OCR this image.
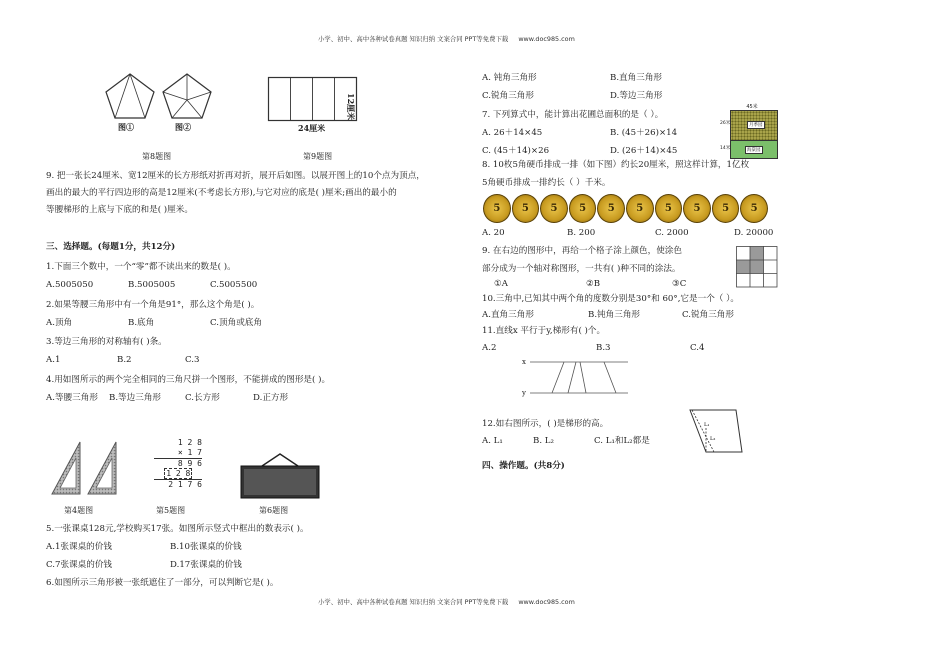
小学、初中、高中各种试卷真题 知识归纳 文案合同 PPT等免费下载 www.doc985.com
图①	图②	24厘米
12厘米
第8题图	第9题图
9. 把一张长24厘米、宽12厘米的长方形纸对折再对折，展开后如图。以展开图上的10个点为顶点，
画出的最大的平行四边形的高是12厘米(不考虑长方形),与它对应的底是( )厘米;画出的最小的
等腰梯形的上底与下底的和是( )厘米。
三、选择题。(每题1分，共12分)
1.下面三个数中，一个“零”都不读出来的数是( )。
A.5005050	B.5005005	C.5005500
2.如果等腰三角形中有一个角是91°，那么这个角是( )。
A.顶角	B.底角	C.顶角或底角
3.等边三角形的对称轴有( )条。
A.1	B.2	C.3
4.用如图所示的两个完全相同的三角尺拼一个图形，不能拼成的图形是( )。
A.等腰三角形 B.等边三角形	C.长方形	D.正方形
1 2 8
× 1 7
8 9 6
1 2 8
2 1 7 6
第4题图	第5题图	第6题图
5.一张课桌128元,学校购买17张。如图所示竖式中框出的数表示( )。
A.1张课桌的价钱	B.10张课桌的价钱
C.7张课桌的价钱	D.17张课桌的价钱
6.如图所示三角形被一张纸遮住了一部分，可以判断它是( )。
A. 钝角三角形	B.直角三角形
C.锐角三角形	D.等边三角形
7. 下列算式中，能计算出花圃总面积的是（ ）。
A. 26＋14×45	B. (45＋26)×14
C. (45＋14)×26	D. (26＋14)×45
45米
月季园
海棠园
26米
14米
8. 10枚5角硬币排成一排（如下图）约长20厘米，照这样计算，1亿枚
5角硬币排成一排约长（ ）千米。
5	5	5	5	5	5	5	5	5	5
A. 20	B. 200	C. 2000	D. 20000
9. 在右边的图形中，再给一个格子涂上颜色，使涂色
部分成为一个轴对称图形，一共有( )种不同的涂法。
①A	②B	③C
10.三角中,已知其中两个角的度数分别是30°和 60°,它是一个（ ）。
A.直角三角形	B.钝角三角形	C.锐角三角形
11.直线x 平行于y,梯形有( )个。
A.2	B.3	C.4
x
y
L₁
L₂
12.如右图所示，( )是梯形的高。
A. L₁	B. L₂	C. L₁和L₂都是
四、操作题。(共8分)
小学、初中、高中各种试卷真题 知识归纳 文案合同 PPT等免费下载 www.doc985.com
